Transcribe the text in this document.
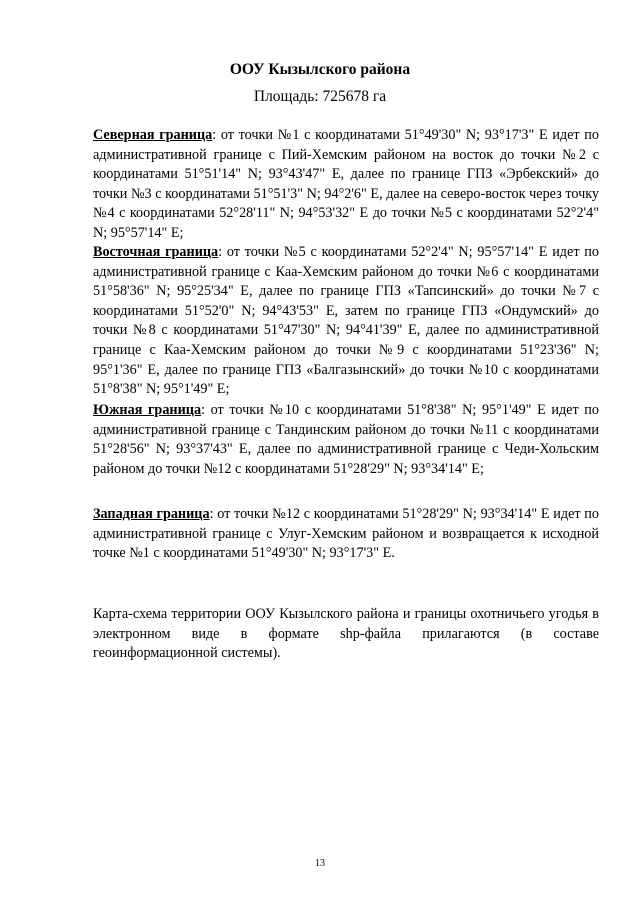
ООУ Кызылского района
Площадь: 725678 га
Северная граница: от точки №1 с координатами 51°49'30" N; 93°17'3" E идет по административной границе с Пий-Хемским районом на восток до точки №2 с координатами 51°51'14" N; 93°43'47" E, далее по границе ГПЗ «Эрбекский» до точки №3 с координатами 51°51'3" N; 94°2'6" E, далее на северо-восток через точку №4 с координатами 52°28'11" N; 94°53'32" E до точки №5 с координатами 52°2'4" N; 95°57'14" E;
Восточная граница: от точки №5 с координатами 52°2'4" N; 95°57'14" E идет по административной границе с Каа-Хемским районом до точки №6 с координатами 51°58'36" N; 95°25'34" E, далее по границе ГПЗ «Тапсинский» до точки №7 с координатами 51°52'0" N; 94°43'53" E, затем по границе ГПЗ «Ондумский» до точки №8 с координатами 51°47'30" N; 94°41'39" E, далее по административной границе с Каа-Хемским районом до точки №9 с координатами 51°23'36" N; 95°1'36" E, далее по границе ГПЗ «Балгазынский» до точки №10 с координатами 51°8'38" N; 95°1'49" E;
Южная граница: от точки №10 с координатами 51°8'38" N; 95°1'49" E идет по административной границе с Тандинским районом до точки №11 с координатами 51°28'56" N; 93°37'43" E, далее по административной границе с Чеди-Хольским районом до точки №12 с координатами 51°28'29" N; 93°34'14" E;
Западная граница: от точки №12 с координатами 51°28'29" N; 93°34'14" E идет по административной границе с Улуг-Хемским районом и возвращается к исходной точке №1 с координатами 51°49'30" N; 93°17'3" E.
Карта-схема территории ООУ Кызылского района и границы охотничьего угодья в электронном виде в формате shp-файла прилагаются (в составе геоинформационной системы).
13
